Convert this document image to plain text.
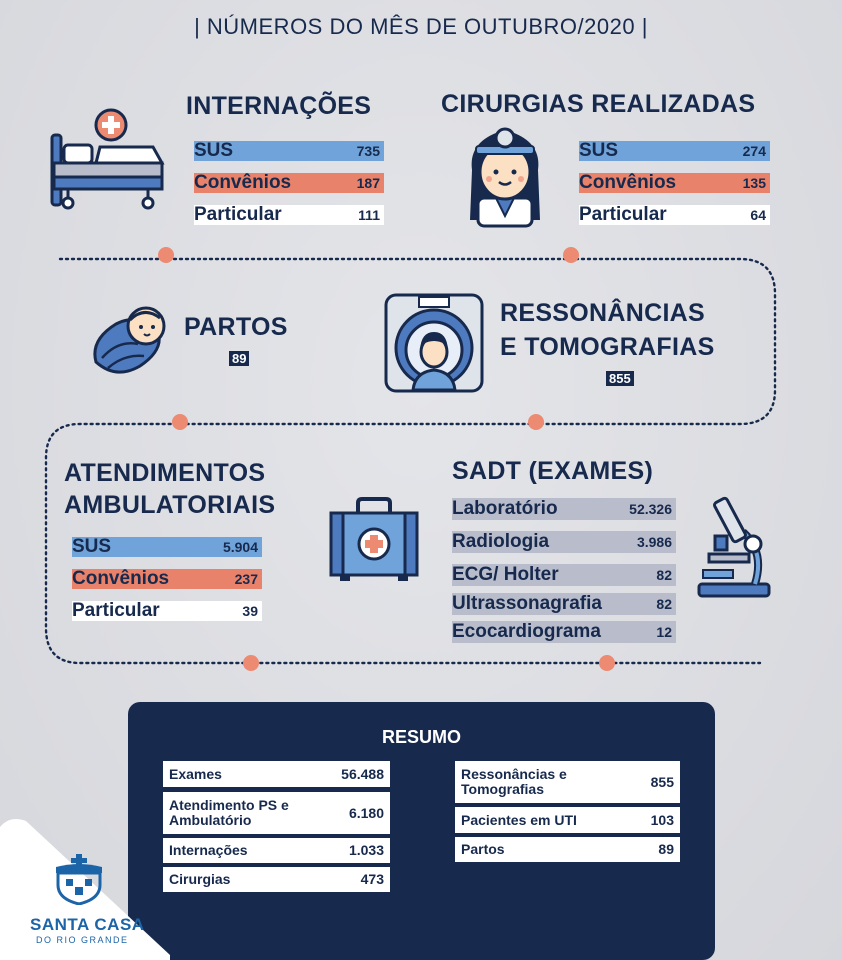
| NÚMEROS DO MÊS DE OUTUBRO/2020 |
INTERNAÇÕES
SUS	735
Convênios	187
Particular	111
CIRURGIAS REALIZADAS
SUS	274
Convênios	135
Particular	64
PARTOS
89
RESSONÂNCIAS
E TOMOGRAFIAS
855
ATENDIMENTOS
AMBULATORIAIS
SUS	5.904
Convênios	237
Particular	39
SADT (EXAMES)
Laboratório	52.326
Radiologia	3.986
ECG/ Holter	82
Ultrassonagrafia	82
Ecocardiograma	12
RESUMO
Exames	56.488
Atendimento PS e Ambulatório	6.180
Internações	1.033
Cirurgias	473
Ressonâncias e Tomografias	855
Pacientes em UTI	103
Partos	89
SANTA CASA
DO RIO GRANDE
